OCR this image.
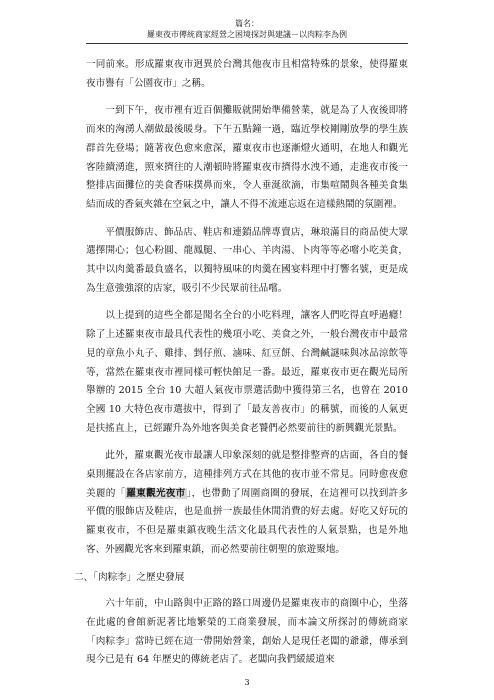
篇名：
羅東夜市傳統商家經營之困境探討與建議－以肉粽李為例

一同前來。形成羅東夜市迥異於台灣其他夜市且相當特殊的景象，使得羅東夜市譽有「公園夜市」之稱。

一到下午，夜市裡有近百個攤販就開始準備營業，就是為了人夜後即將而來的洶湧人潮做最後暖身。下午五點鐘一過，臨近學校剛剛放學的學生族群首先登場；隨著夜色愈來愈深，羅東夜市也逐漸燈火通明，在地人和觀光客陸續湧進，照來擠往的人潮頓時將羅東夜市擠得水洩不通，走進夜市後一整排店面攤位的美食香味撲鼻而來，令人垂涎欲滴，市集喧鬧與各種美食集結而成的香氣夾雜在空氣之中，讓人不得不流連忘返在這樣熱鬧的氛圍裡。

平價服飾店、飾品店、鞋店和連鎖品牌專賣店，琳琅滿目的商品使大眾選擇開心；包心粉圓、龍鳳腿、一串心、羊肉湯、卜肉等等必嚐小吃美食，其中以肉羹番最負盛名，以獨特風味的肉羹在國宴料理中打響名號，更是成為生意強強滾的店家，吸引不少民眾前往品嚐。

以上提到的這些全都是聞名全台的小吃料理，讓客人們吃得直呼過癮！除了上述羅東夜市最具代表性的幾項小吃、美食之外，一般台灣夜市中最常見的章魚小丸子、雞排、剉仔煎、滷味、紅豆餅、台灣鹹謎味與冰品涼飲等等，當然在羅東夜市裡同樣可輕快館足一番。最近，羅東夜市更在觀光局所舉辦的 2015 全台 10 大超人氣夜市票選活動中獲得第三名，也曾在 2010 全國 10 大特色夜市選拔中，得到了「最友善夜市」的稱號，而後的人氣更是扶搖直上，已經躍升為外地客與美食老饕們必然要前往的新興觀光景點。

此外，羅東觀光夜市最讓人印象深刻的就是整排整齊的店面，各自的餐桌則擺設在各店家前方，這種排列方式在其他的夜市並不常見。同時愈夜愈美麗的「羅東觀光夜市」，也帶動了周圍商圈的發展，在這裡可以找到許多平價的服飾店及鞋店，也是血拼一族最佳休閒消費的好去處。好吃又好玩的羅東夜市，不但是羅東鎮夜晚生活文化最具代表性的人氣景點，也是外地客、外國觀光客來到羅東鎮，而必然要前往朝聖的旅遊聚地。

二、「肉粽李」之歷史發展

六十年前，中山路與中正路的路口周邊仍是羅東夜市的商圈中心，坐落在此處的會館新泥著比地繁榮的工商業發展，而本論文所探討的傳統商家「肉粽李」當時已經在這一帶開始營業，創始人是現任老闆的爺爺，傳承到現今已是有 64 年歷史的傳統老店了。老闆向我們緩緩道來

3
